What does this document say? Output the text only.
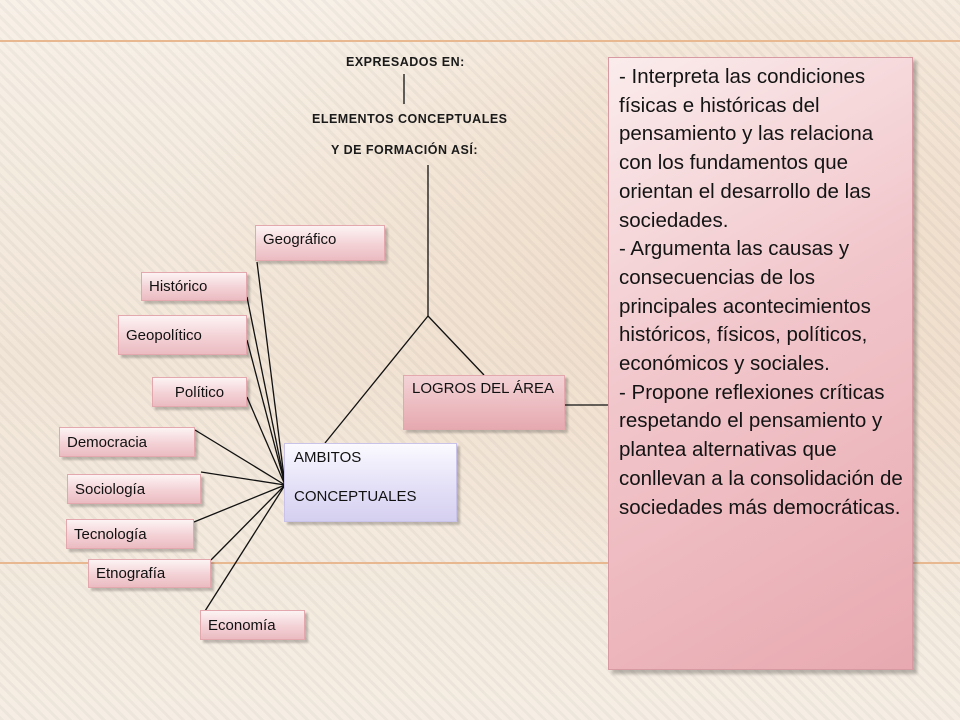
EXPRESADOS EN:
ELEMENTOS CONCEPTUALES
Y DE FORMACIÓN ASÍ:
Geográfico
Histórico
Geopolítico
Político
Democracia
Sociología
Tecnología
Etnografía
Economía
AMBITOS
CONCEPTUALES
LOGROS DEL ÁREA

- Interpreta las condiciones físicas e históricas del pensamiento y las relaciona con los fundamentos que orientan el desarrollo de las sociedades.

- Argumenta las causas y consecuencias de los principales acontecimientos históricos, físicos, políticos, económicos y sociales.

- Propone reflexiones críticas respetando el pensamiento y plantea alternativas que conllevan a la consolidación de sociedades más democráticas.
